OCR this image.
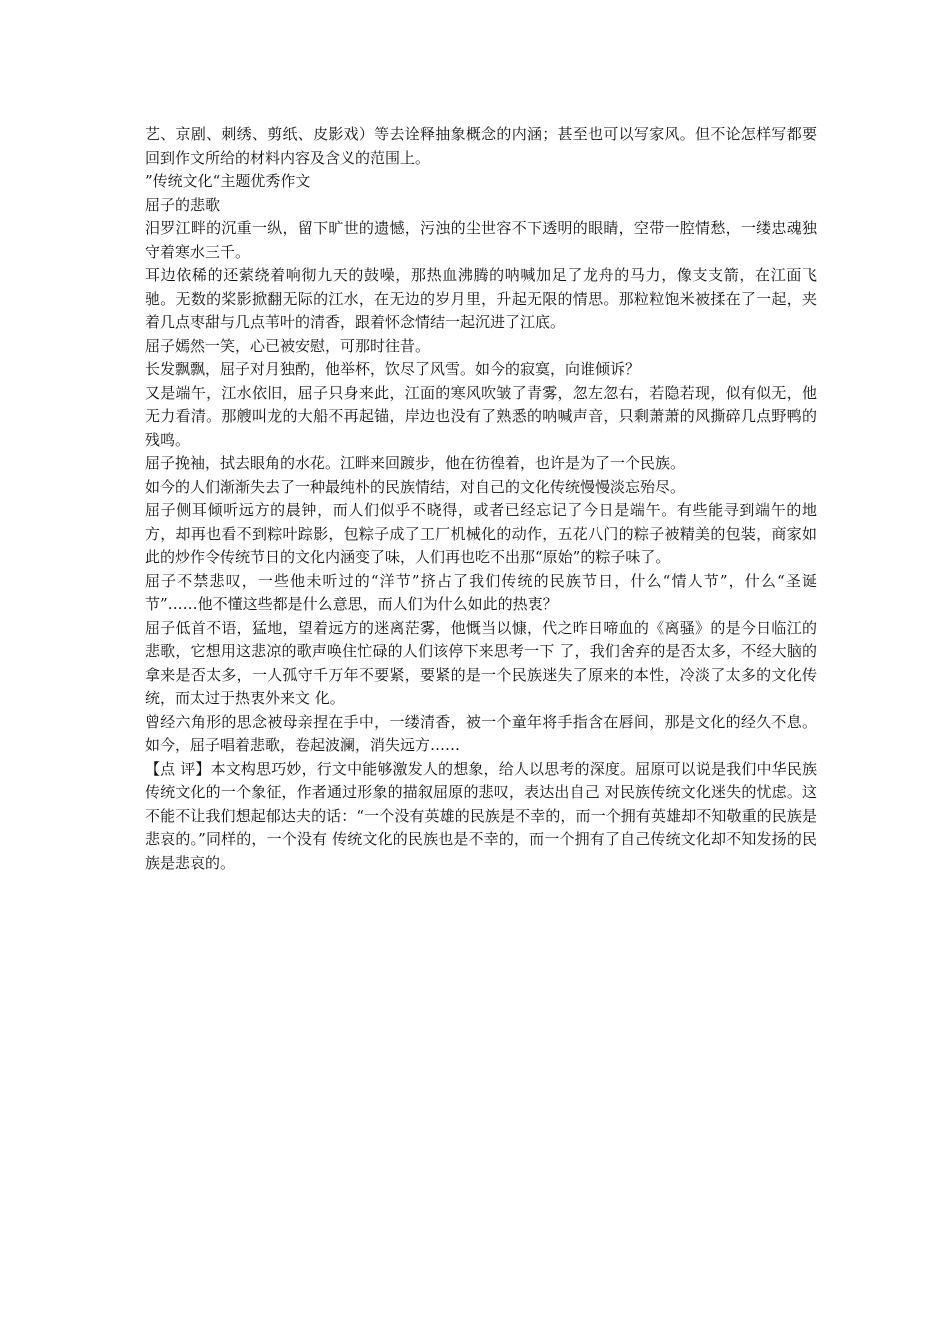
艺、京剧、刺绣、剪纸、皮影戏）等去诠释抽象概念的内涵；甚至也可以写家风。但不论怎样写都要回到作文所给的材料内容及含义的范围上。

”传统文化“主题优秀作文

屈子的悲歌

汨罗江畔的沉重一纵，留下旷世的遗憾，污浊的尘世容不下透明的眼睛，空带一腔情愁，一缕忠魂独守着寒水三千。

耳边依稀的还萦绕着响彻九天的鼓噪，那热血沸腾的呐喊加足了龙舟的马力，像支支箭，在江面飞驰。无数的桨影掀翻无际的江水，在无边的岁月里，升起无限的情思。那粒粒饱米被揉在了一起，夹着几点枣甜与几点苇叶的清香，跟着怀念情结一起沉进了江底。

屈子嫣然一笑，心已被安慰，可那时往昔。

长发飘飘，屈子对月独酌，他举杯，饮尽了风雪。如今的寂寞，向谁倾诉？

又是端午，江水依旧，屈子只身来此，江面的寒风吹皱了青雾，忽左忽右，若隐若现，似有似无，他无力看清。那艘叫龙的大船不再起锚，岸边也没有了熟悉的呐喊声音，只剩萧萧的风撕碎几点野鸭的残鸣。

屈子挽袖，拭去眼角的水花。江畔来回踱步，他在彷徨着，也许是为了一个民族。

如今的人们渐渐失去了一种最纯朴的民族情结，对自己的文化传统慢慢淡忘殆尽。

屈子侧耳倾听远方的晨钟，而人们似乎不晓得，或者已经忘记了今日是端午。有些能寻到端午的地方，却再也看不到粽叶踪影，包粽子成了工厂机械化的动作，五花八门的粽子被精美的包装，商家如此的炒作令传统节日的文化内涵变了味，人们再也吃不出那“原始”的粽子味了。

屈子不禁悲叹，一些他未听过的“洋节”挤占了我们传统的民族节日，什么“情人节”，什么“圣诞节”……他不懂这些都是什么意思，而人们为什么如此的热衷？

屈子低首不语，猛地，望着远方的迷离茫雾，他慨当以慷，代之昨日啼血的《离骚》的是今日临江的悲歌，它想用这悲凉的歌声唤住忙碌的人们该停下来思考一下 了，我们舍弃的是否太多，不经大脑的拿来是否太多，一人孤守千万年不要紧，要紧的是一个民族迷失了原来的本性，冷淡了太多的文化传统，而太过于热衷外来文 化。

曾经六角形的思念被母亲捏在手中，一缕清香，被一个童年将手指含在唇间，那是文化的经久不息。如今，屈子唱着悲歌，卷起波澜，消失远方……

【点 评】本文构思巧妙，行文中能够激发人的想象，给人以思考的深度。屈原可以说是我们中华民族传统文化的一个象征，作者通过形象的描叙屈原的悲叹，表达出自己 对民族传统文化迷失的忧虑。这不能不让我们想起郁达夫的话：“一个没有英雄的民族是不幸的，而一个拥有英雄却不知敬重的民族是悲哀的。”同样的，一个没有 传统文化的民族也是不幸的，而一个拥有了自己传统文化却不知发扬的民族是悲哀的。
